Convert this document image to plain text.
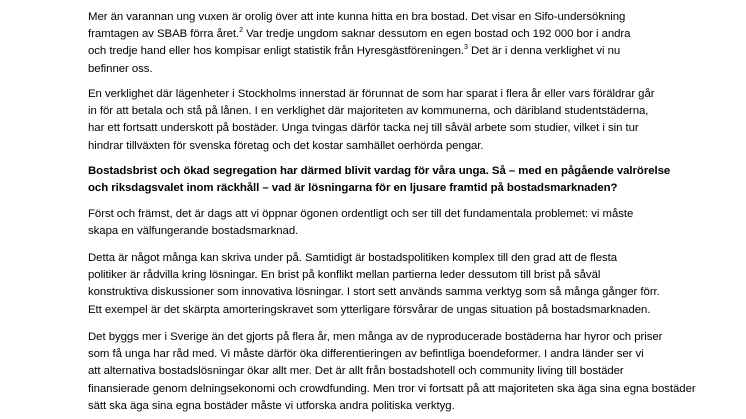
Mer än varannan ung vuxen är orolig över att inte kunna hitta en bra bostad. Det visar en Sifo-undersökning
framtagen av SBAB förra året.$^2$ Var tredje ungdom saknar dessutom en egen bostad och 192 000 bor i andra
och tredje hand eller hos kompisar enligt statistik från Hyresgästföreningen.$^3$ Det är i denna verklighet vi nu
befinner oss.

En verklighet där lägenheter i Stockholms innerstad är förunnat de som har sparat i flera år eller vars föräldrar går
in för att betala och stå på lånen. I en verklighet där majoriteten av kommunerna, och däribland studentstäderna,
har ett fortsatt underskott på bostäder. Unga tvingas därför tacka nej till såväl arbete som studier, vilket i sin tur
hindrar tillväxten för svenska företag och det kostar samhället oerhörda pengar.

Bostadsbrist och ökad segregation har därmed blivit vardag för våra unga. Så – med en pågående valrörelse
och riksdagsvalet inom räckhåll – vad är lösningarna för en ljusare framtid på bostadsmarknaden?

Först och främst, det är dags att vi öppnar ögonen ordentligt och ser till det fundamentala problemet: vi måste
skapa en välfungerande bostadsmarknad.

Detta är något många kan skriva under på. Samtidigt är bostadspolitiken komplex till den grad att de flesta
politiker är rådvilla kring lösningar. En brist på konflikt mellan partierna leder dessutom till brist på såväl
konstruktiva diskussioner som innovativa lösningar. I stort sett används samma verktyg som så många gånger förr.
Ett exempel är det skärpta amorteringskravet som ytterligare försvårar de ungas situation på bostadsmarknaden.

Det byggs mer i Sverige än det gjorts på flera år, men många av de nyproducerade bostäderna har hyror och priser
som få unga har råd med. Vi måste därför öka differentieringen av befintliga boendeformer. I andra länder ser vi
att alternativa bostadslösningar ökar allt mer. Det är allt från bostadshotell och community living till bostäder
finansierade genom delningsekonomi och crowdfunding. Men tror vi fortsatt på att majoriteten ska äga sina egna bostäder
sätt ska äga sina egna bostäder måste vi utforska andra politiska verktyg.
